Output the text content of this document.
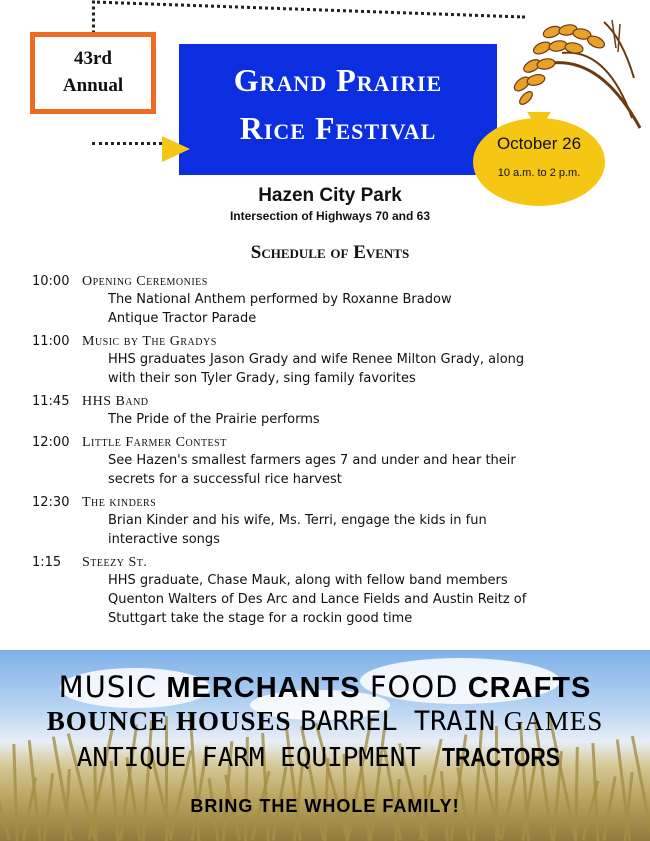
43rd
Annual	Grand Prairie
Rice Festival	October 26
10 a.m. to 2 p.m.
Hazen City Park
Intersection of Highways 70 and 63
Schedule of Events
10:00 Opening Ceremonies
The National Anthem performed by Roxanne Bradow
Antique Tractor Parade
11:00 Music by The Gradys
HHS graduates Jason Grady and wife Renee Milton Grady, along
with their son Tyler Grady, sing family favorites
11:45 HHS Band
The Pride of the Prairie performs
12:00 Little Farmer Contest
See Hazen's smallest farmers ages 7 and under and hear their
secrets for a successful rice harvest
12:30 The kinders
Brian Kinder and his wife, Ms. Terri, engage the kids in fun
interactive songs
1:15	Steezy St.
HHS graduate, Chase Mauk, along with fellow band members
Quenton Walters of Des Arc and Lance Fields and Austin Reitz of
Stuttgart take the stage for a rockin good time
MUSIC MERCHANTS FOOD CRAFTS
BOUNCE HOUSES BARREL TRAIN GAMES
ANTIQUE FARM EQUIPMENT TRACTORS
BRING THE WHOLE FAMILY!
